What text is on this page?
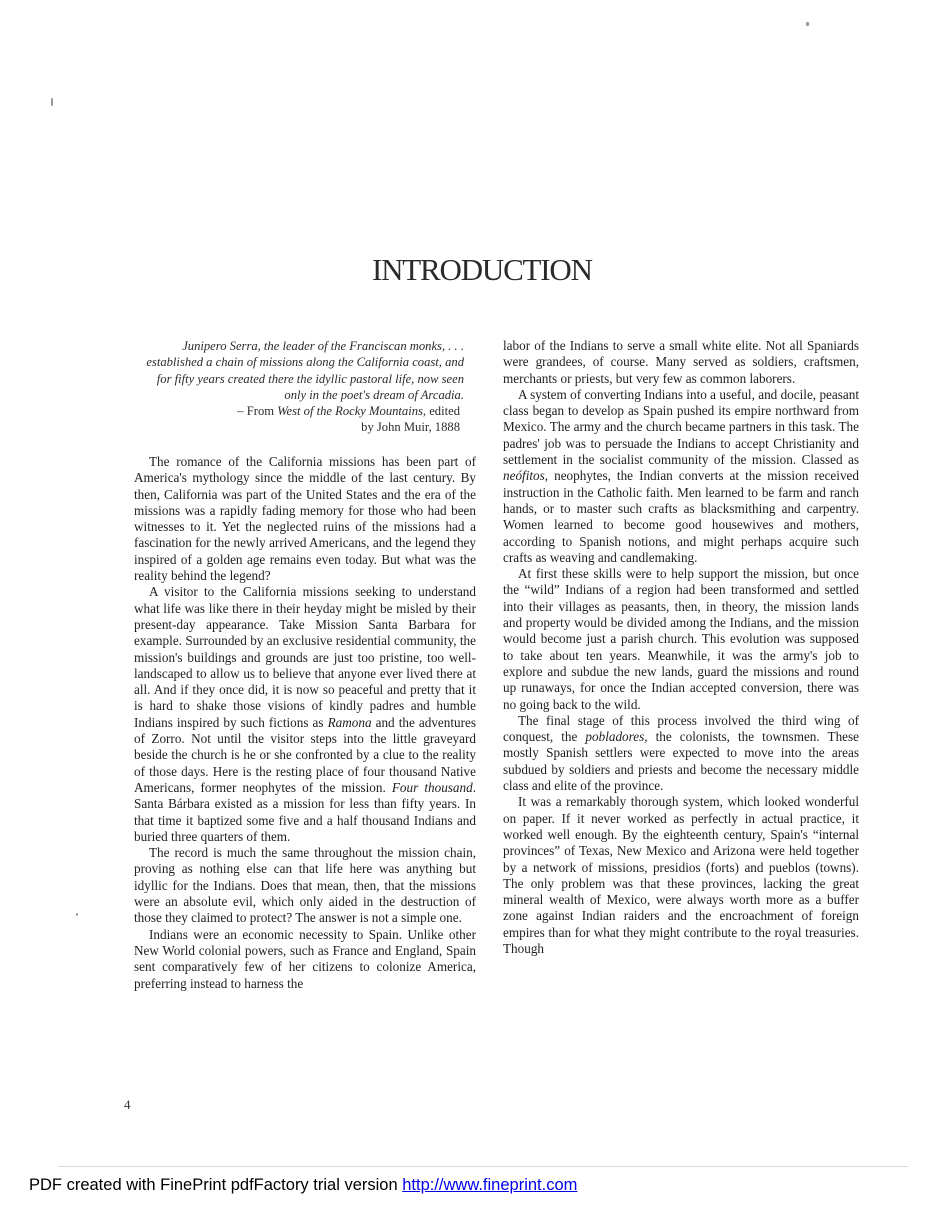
INTRODUCTION

Junipero Serra, the leader of the Franciscan monks, . . . established a chain of missions along the California coast, and for fifty years created there the idyllic pastoral life, now seen only in the poet's dream of Arcadia.

– From West of the Rocky Mountains, edited

by John Muir, 1888

The romance of the California missions has been part of America's mythology since the middle of the last century. By then, California was part of the United States and the era of the missions was a rapidly fading memory for those who had been witnesses to it. Yet the neglected ruins of the missions had a fascination for the newly arrived Americans, and the legend they inspired of a golden age remains even today. But what was the reality behind the legend?

A visitor to the California missions seeking to understand what life was like there in their heyday might be misled by their present-day appearance. Take Mission Santa Barbara for example. Surrounded by an exclusive residential community, the mission's buildings and grounds are just too pristine, too well-landscaped to allow us to believe that anyone ever lived there at all. And if they once did, it is now so peaceful and pretty that it is hard to shake those visions of kindly padres and humble Indians inspired by such fictions as Ramona and the adventures of Zorro. Not until the visitor steps into the little graveyard beside the church is he or she confronted by a clue to the reality of those days. Here is the resting place of four thousand Native Americans, former neophytes of the mission. Four thousand. Santa Bárbara existed as a mission for less than fifty years. In that time it baptized some five and a half thousand Indians and buried three quarters of them.

The record is much the same throughout the mission chain, proving as nothing else can that life here was anything but idyllic for the Indians. Does that mean, then, that the missions were an absolute evil, which only aided in the destruction of those they claimed to protect? The answer is not a simple one.

Indians were an economic necessity to Spain. Unlike other New World colonial powers, such as France and England, Spain sent comparatively few of her citizens to colonize America, preferring instead to harness the

labor of the Indians to serve a small white elite. Not all Spaniards were grandees, of course. Many served as soldiers, craftsmen, merchants or priests, but very few as common laborers.

A system of converting Indians into a useful, and docile, peasant class began to develop as Spain pushed its empire northward from Mexico. The army and the church became partners in this task. The padres' job was to persuade the Indians to accept Christianity and settlement in the socialist community of the mission. Classed as neófitos, neophytes, the Indian converts at the mission received instruction in the Catholic faith. Men learned to be farm and ranch hands, or to master such crafts as blacksmithing and carpentry. Women learned to become good housewives and mothers, according to Spanish notions, and might perhaps acquire such crafts as weaving and candlemaking.

At first these skills were to help support the mission, but once the “wild” Indians of a region had been transformed and settled into their villages as peasants, then, in theory, the mission lands and property would be divided among the Indians, and the mission would become just a parish church. This evolution was supposed to take about ten years. Meanwhile, it was the army's job to explore and subdue the new lands, guard the missions and round up runaways, for once the Indian accepted conversion, there was no going back to the wild.

The final stage of this process involved the third wing of conquest, the pobladores, the colonists, the townsmen. These mostly Spanish settlers were expected to move into the areas subdued by soldiers and priests and become the necessary middle class and elite of the province.

It was a remarkably thorough system, which looked wonderful on paper. If it never worked as perfectly in actual practice, it worked well enough. By the eighteenth century, Spain's “internal provinces” of Texas, New Mexico and Arizona were held together by a network of missions, presidios (forts) and pueblos (towns). The only problem was that these provinces, lacking the great mineral wealth of Mexico, were always worth more as a buffer zone against Indian raiders and the encroachment of foreign empires than for what they might contribute to the royal treasuries. Though

4
PDF created with FinePrint pdfFactory trial version http://www.fineprint.com
